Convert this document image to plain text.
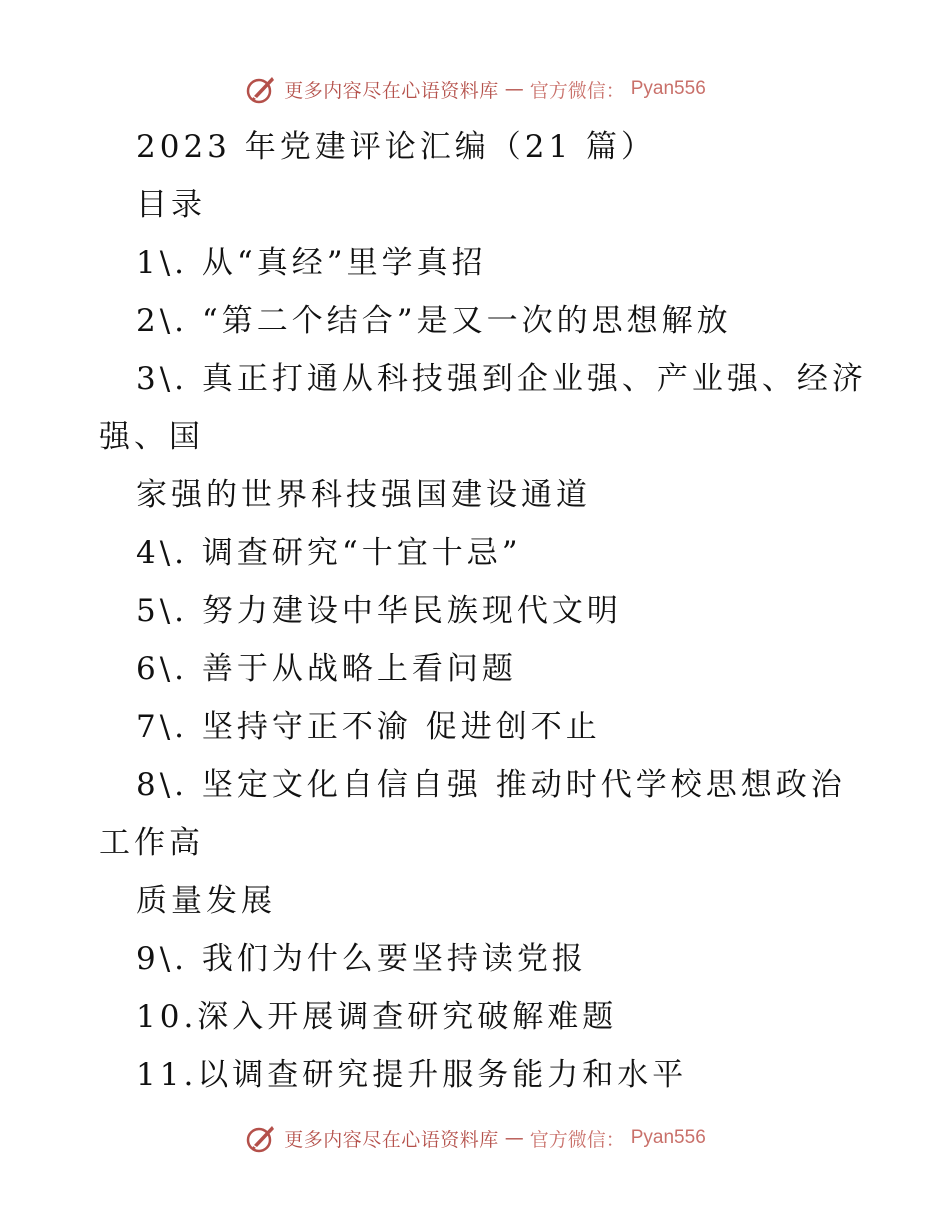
更多内容尽在心语资料库 — 官方微信： Pyan556
2023 年党建评论汇编（21 篇）
目录
1\. 从“真经”里学真招
2\. “第二个结合”是又一次的思想解放
3\. 真正打通从科技强到企业强、产业强、经济
强、国
家强的世界科技强国建设通道
4\. 调查研究“十宜十忌”
5\. 努力建设中华民族现代文明
6\. 善于从战略上看问题
7\. 坚持守正不渝 促进创不止
8\. 坚定文化自信自强 推动时代学校思想政治
工作高
质量发展
9\. 我们为什么要坚持读党报
10.深入开展调查研究破解难题
11.以调查研究提升服务能力和水平
更多内容尽在心语资料库 — 官方微信： Pyan556
